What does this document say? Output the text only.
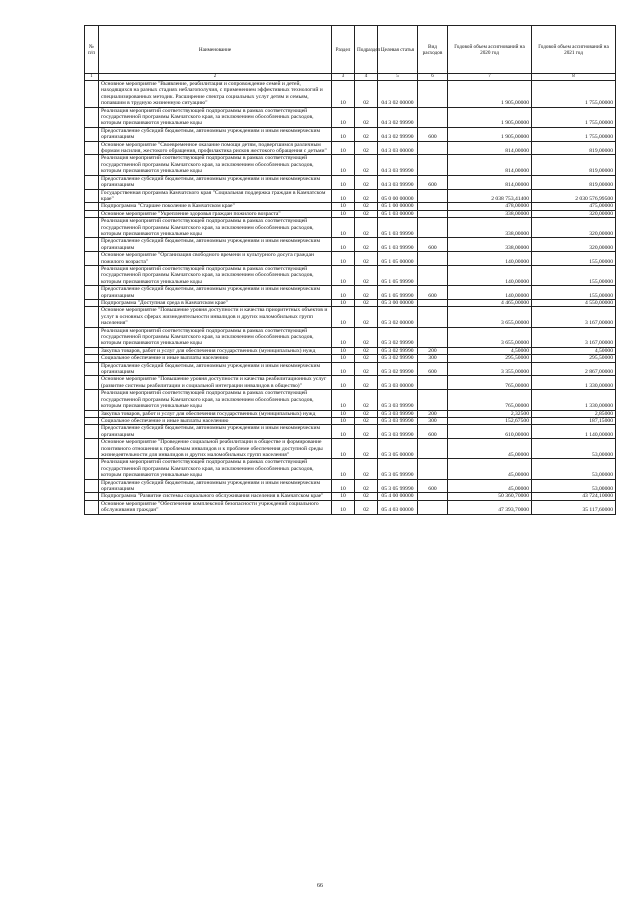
№ п/п	Наименование	Раздел	Подраздел	Целевая статья	Вид расходов	Годовой объем ассигнований на 2020 год	Годовой объем ассигнований на 2021 год
1	2	3	4	5	6	7	8
	Основное мероприятие "Выявление, реабилитация и сопровождение семей и детей, находящихся на разных стадиях неблагополучия, с применением эффективных технологий и специализированных методик. Расширение спектра социальных услуг детям и семьям, попавшим в трудную жизненную ситуацию"	10	02	04 3 02 00000		1 905,00000	1 755,00000
	Реализация мероприятий соответствующей подпрограммы в рамках соответствующей государственной программы Камчатского края, за исключением обособленных расходов, которым присваиваются уникальные коды	10	02	04 3 02 99990		1 905,00000	1 755,00000
	Предоставление субсидий бюджетным, автономным учреждениям и иным некоммерческим организациям	10	02	04 3 02 99990	600	1 905,00000	1 755,00000
	Основное мероприятие "Своевременное оказание помощи детям, подвергшимся различным формам насилия, жестокого обращения, профилактика рисков жестокого обращения с детьми"	10	02	04 3 03 00000		814,00000	819,00000
	Реализация мероприятий соответствующей подпрограммы в рамках соответствующей государственной программы Камчатского края, за исключением обособленных расходов, которым присваиваются уникальные коды	10	02	04 3 03 99990		814,00000	819,00000
	Предоставление субсидий бюджетным, автономным учреждениям и иным некоммерческим организациям	10	02	04 3 03 99990	600	814,00000	819,00000
	Государственная программа Камчатского края "Социальная поддержка граждан в Камчатском крае"	10	02	05 0 00 00000		2 038 753,41400	2 030 576,99500
	Подпрограмма "Старшее поколение в Камчатском крае"	10	02	05 1 00 00000		478,00000	475,00000
	Основное мероприятие "Укрепление здоровья граждан пожилого возраста"	10	02	05 1 03 00000		338,00000	320,00000
	Реализация мероприятий соответствующей подпрограммы в рамках соответствующей государственной программы Камчатского края, за исключением обособленных расходов, которым присваиваются уникальные коды	10	02	05 1 03 99990		338,00000	320,00000
	Предоставление субсидий бюджетным, автономным учреждениям и иным некоммерческим организациям	10	02	05 1 03 99990	600	338,00000	320,00000
	Основное мероприятие "Организация свободного времени и культурного досуга граждан пожилого возраста"	10	02	05 1 05 00000		140,00000	155,00000
	Реализация мероприятий соответствующей подпрограммы в рамках соответствующей государственной программы Камчатского края, за исключением обособленных расходов, которым присваиваются уникальные коды	10	02	05 1 05 99990		140,00000	155,00000
	Предоставление субсидий бюджетным, автономным учреждениям и иным некоммерческим организациям	10	02	05 1 05 99990	600	140,00000	155,00000
	Подпрограмма "Доступная среда в Камчатском крае"	10	02	05 3 00 00000		4 465,00000	4 550,00000
	Основное мероприятие "Повышение уровня доступности и качества приоритетных объектов и услуг в основных сферах жизнедеятельности инвалидов и других маломобильных групп населения"	10	02	05 3 02 00000		3 655,00000	3 167,00000
	Реализация мероприятий соответствующей подпрограммы в рамках соответствующей государственной программы Камчатского края, за исключением обособленных расходов, которым присваиваются уникальные коды	10	02	05 3 02 99990		3 655,00000	3 167,00000
	Закупка товаров, работ и услуг для обеспечения государственных (муниципальных) нужд	10	02	05 3 02 99990	200	4,50000	4,50000
	Социальное обеспечение и иные выплаты населению	10	02	05 3 02 99990	300	295,50000	295,50000
	Предоставление субсидий бюджетным, автономным учреждениям и иным некоммерческим организациям	10	02	05 3 02 99990	600	3 355,00000	2 867,00000
	Основное мероприятие "Повышение уровня доступности и качества реабилитационных услуг (развитие системы реабилитации и социальной интеграции инвалидов в общество)"	10	02	05 3 03 00000		765,00000	1 330,00000
	Реализация мероприятий соответствующей подпрограммы в рамках соответствующей государственной программы Камчатского края, за исключением обособленных расходов, которым присваиваются уникальные коды	10	02	05 3 03 99990		765,00000	1 330,00000
	Закупка товаров, работ и услуг для обеспечения государственных (муниципальных) нужд	10	02	05 3 03 99990	200	2,32500	2,85000
	Социальное обеспечение и иные выплаты населению	10	02	05 3 03 99990	300	152,67500	187,15000
	Предоставление субсидий бюджетным, автономным учреждениям и иным некоммерческим организациям	10	02	05 3 03 99990	600	610,00000	1 140,00000
	Основное мероприятие "Проведение социальной реабилитации в обществе и формирование позитивного отношения к проблемам инвалидов и к проблеме обеспечения доступной среды жизнедеятельности для инвалидов и других маломобильных групп населения"	10	02	05 3 05 00000		45,00000	53,00000
	Реализация мероприятий соответствующей подпрограммы в рамках соответствующей государственной программы Камчатского края, за исключением обособленных расходов, которым присваиваются уникальные коды	10	02	05 3 05 99990		45,00000	53,00000
	Предоставление субсидий бюджетным, автономным учреждениям и иным некоммерческим организациям	10	02	05 3 05 99990	600	45,00000	53,00000
	Подпрограмма "Развитие системы социального обслуживания населения в Камчатском крае"	10	02	05 4 00 00000		50 360,70000	43 724,10000
	Основное мероприятие "Обеспечение комплексной безопасности учреждений социального обслуживания граждан"	10	02	05 4 03 00000		47 393,70000	35 117,60000
66
